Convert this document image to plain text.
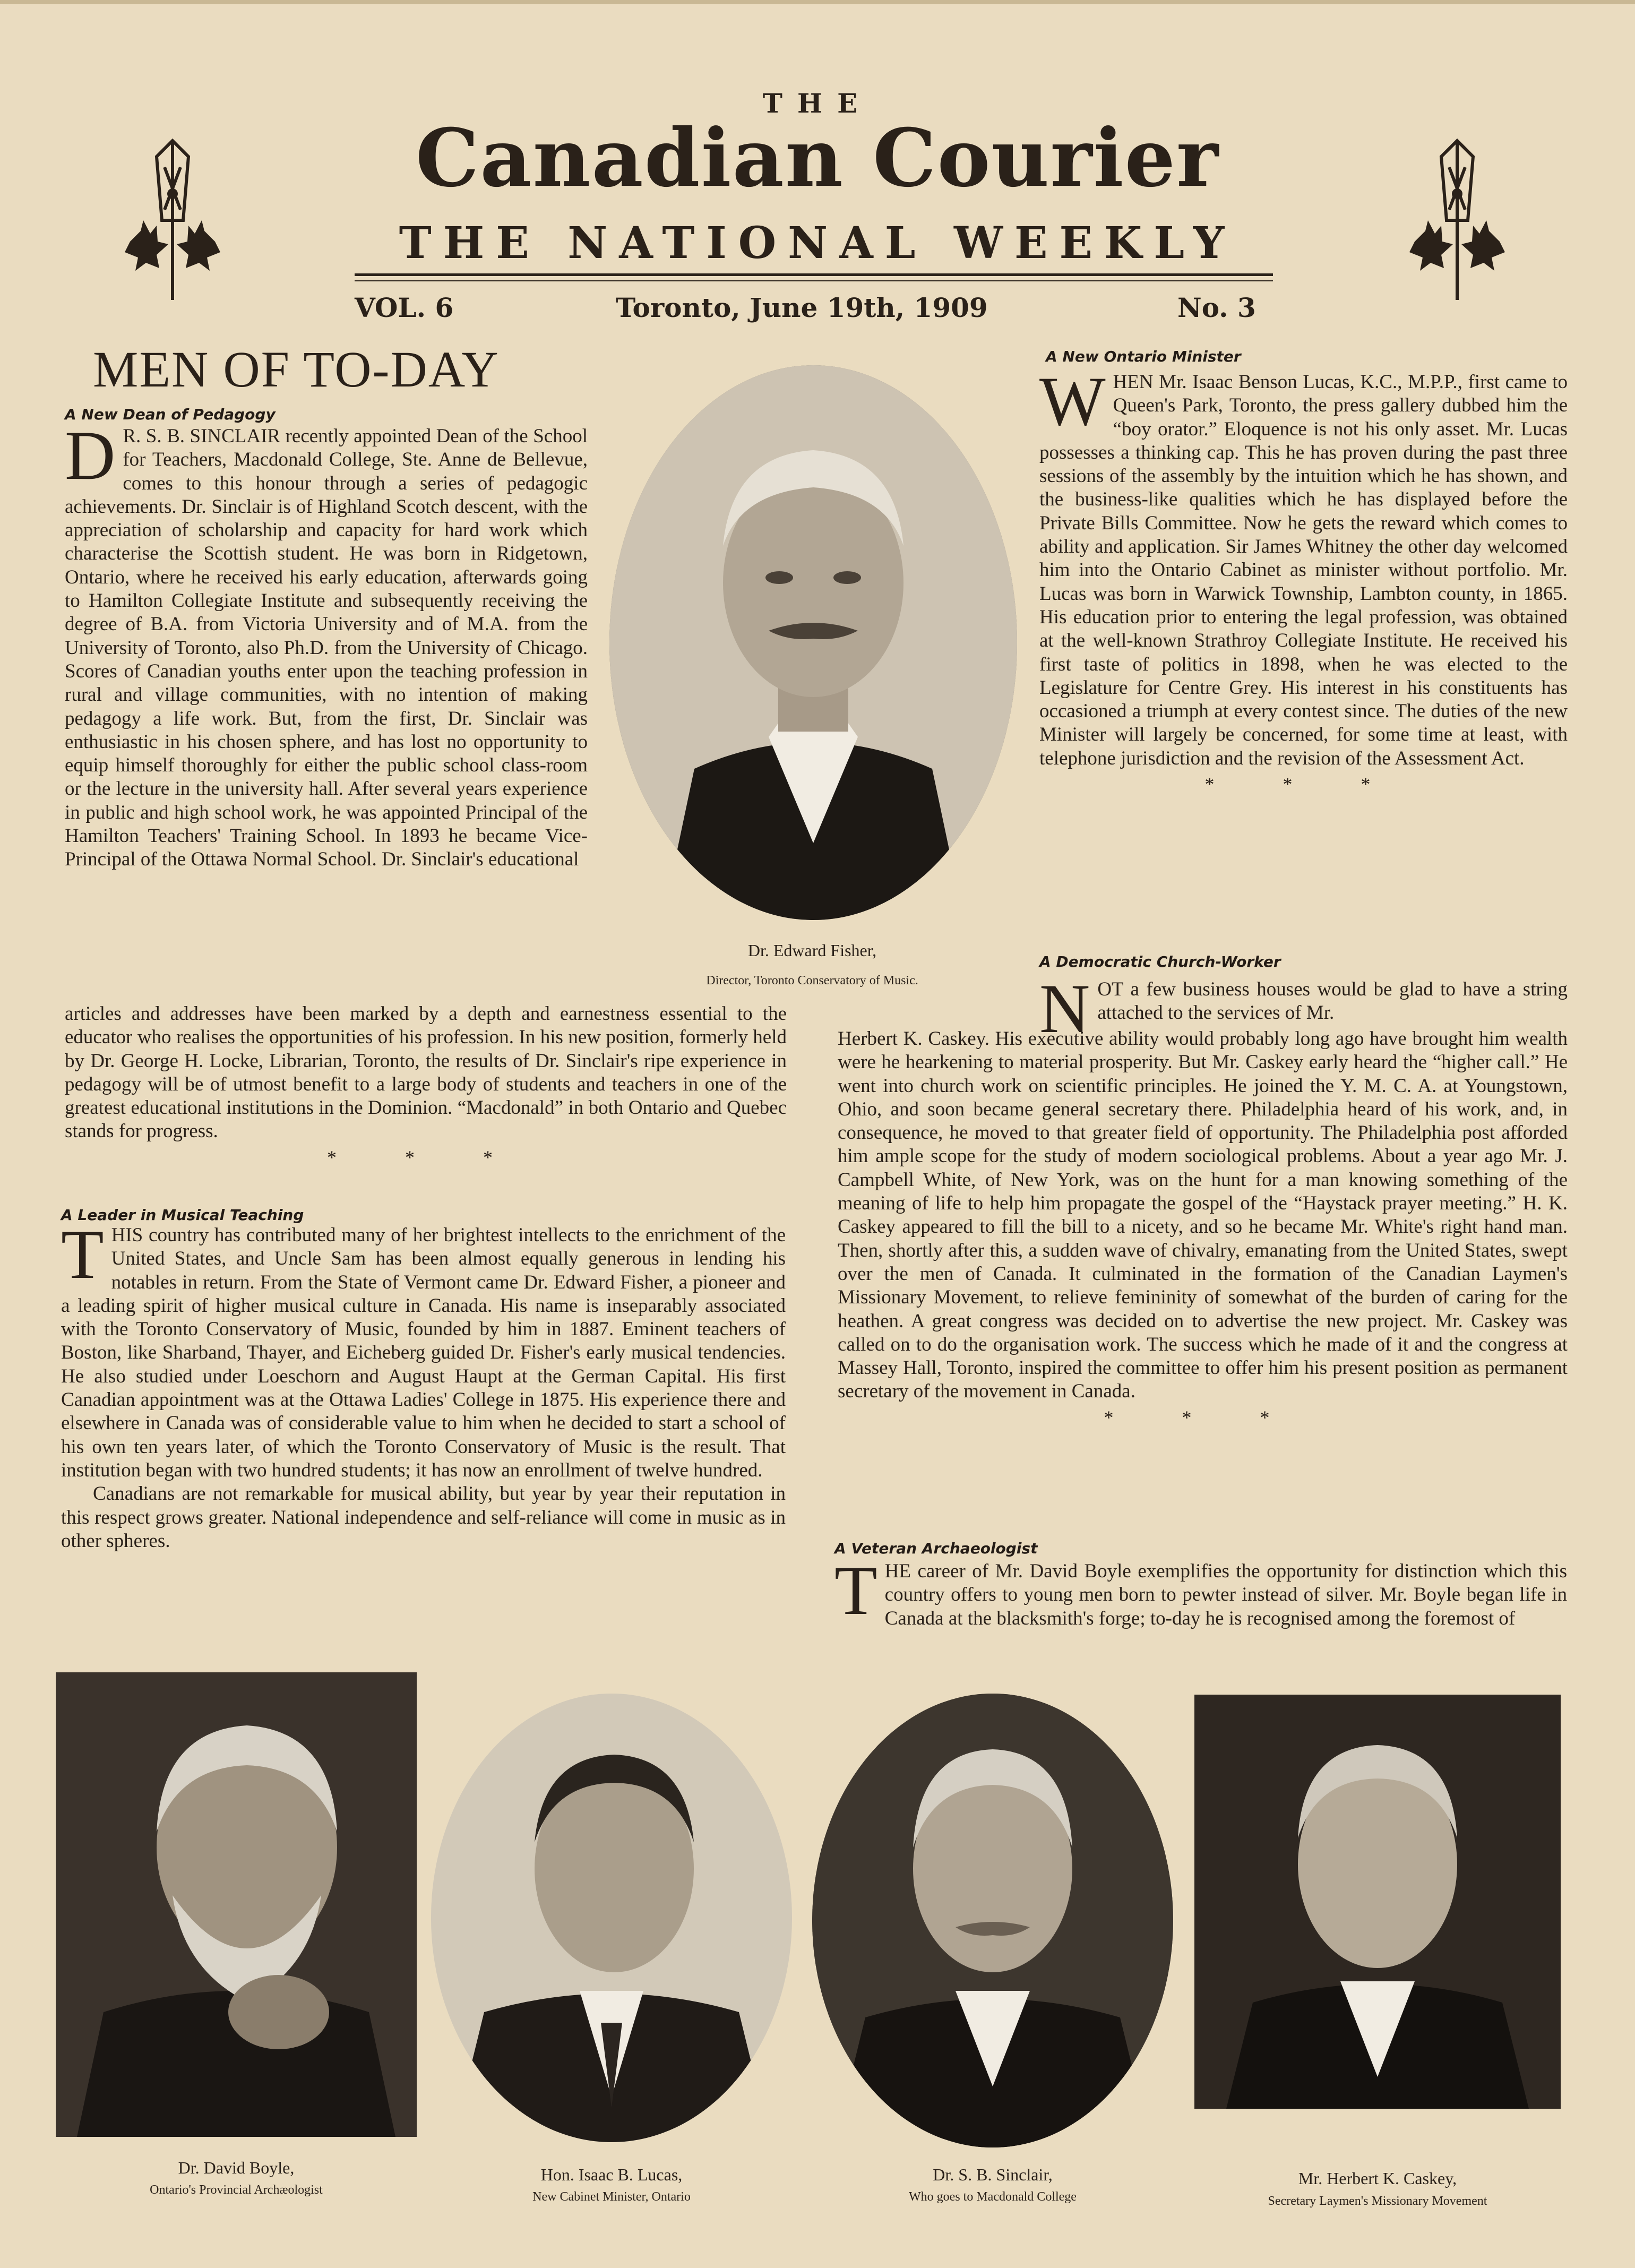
THE
Canadian Courier
THE NATIONAL WEEKLY
VOL. 6	Toronto, June 19th, 1909	No. 3
MEN OF TO-DAY
A New Dean of Pedagogy
D R. S. B. SINCLAIR recently appointed Dean of the School for Teachers, Macdonald College, Ste. Anne de Bellevue, comes to this honour through a series of pedagogic achievements. Dr. Sinclair is of Highland Scotch descent, with the appreciation of scholarship and capacity for hard work which characterise the Scottish student. He was born in Ridgetown, Ontario, where he received his early education, afterwards going to Hamilton Collegiate Institute and subsequently receiving the degree of B.A. from Victoria University and of M.A. from the University of Toronto, also Ph.D. from the University of Chicago. Scores of Canadian youths enter upon the teaching profession in rural and village communities, with no intention of making pedagogy a life work. But, from the first, Dr. Sinclair was enthusiastic in his chosen sphere, and has lost no opportunity to equip himself thoroughly for either the public school class-room or the lecture in the university hall. After several years experience in public and high school work, he was appointed Principal of the Hamilton Teachers' Training School. In 1893 he became Vice-Principal of the Ottawa Normal School. Dr. Sinclair's educational

articles and addresses have been marked by a depth and earnestness essential to the educator who realises the opportunities of his profession. In his new position, formerly held by Dr. George H. Locke, Librarian, Toronto, the results of Dr. Sinclair's ripe experience in pedagogy will be of utmost benefit to a large body of students and teachers in one of the greatest educational institutions in the Dominion. “Macdonald” in both Ontario and Quebec stands for progress.

* * *
A Leader in Musical Teaching
T HIS country has contributed many of her brightest intellects to the enrichment of the United States, and Uncle Sam has been almost equally generous in lending his notables in return. From the State of Vermont came Dr. Edward Fisher, a pioneer and a leading spirit of higher musical culture in Canada. His name is inseparably associated with the Toronto Conservatory of Music, founded by him in 1887. Eminent teachers of Boston, like Sharband, Thayer, and Eicheberg guided Dr. Fisher's early musical tendencies. He also studied under Loeschorn and August Haupt at the German Capital. His first Canadian appointment was at the Ottawa Ladies' College in 1875. His experience there and elsewhere in Canada was of considerable value to him when he decided to start a school of his own ten years later, of which the Toronto Conservatory of Music is the result. That institution began with two hundred students; it has now an enrollment of twelve hundred.

Canadians are not remarkable for musical ability, but year by year their reputation in this respect grows greater. National independence and self-reliance will come in music as in other spheres.

Dr. Edward Fisher,
Director, Toronto Conservatory of Music.
A New Ontario Minister
W HEN Mr. Isaac Benson Lucas, K.C., M.P.P., first came to Queen's Park, Toronto, the press gallery dubbed him the “boy orator.” Eloquence is not his only asset. Mr. Lucas possesses a thinking cap. This he has proven during the past three sessions of the assembly by the intuition which he has shown, and the business-like qualities which he has displayed before the Private Bills Committee. Now he gets the reward which comes to ability and application. Sir James Whitney the other day welcomed him into the Ontario Cabinet as minister without portfolio. Mr. Lucas was born in Warwick Township, Lambton county, in 1865. His education prior to entering the legal profession, was obtained at the well-known Strathroy Collegiate Institute. He received his first taste of politics in 1898, when he was elected to the Legislature for Centre Grey. His interest in his constituents has occasioned a triumph at every contest since. The duties of the new Minister will largely be concerned, for some time at least, with telephone jurisdiction and the revision of the Assessment Act.

* * *
A Democratic Church-Worker
N OT a few business houses would be glad to have a string attached to the services of Mr.

Herbert K. Caskey. His executive ability would probably long ago have brought him wealth were he hearkening to material prosperity. But Mr. Caskey early heard the “higher call.” He went into church work on scientific principles. He joined the Y. M. C. A. at Youngstown, Ohio, and soon became general secretary there. Philadelphia heard of his work, and, in consequence, he moved to that greater field of opportunity. The Philadelphia post afforded him ample scope for the study of modern sociological problems. About a year ago Mr. J. Campbell White, of New York, was on the hunt for a man knowing something of the meaning of life to help him propagate the gospel of the “Haystack prayer meeting.” H. K. Caskey appeared to fill the bill to a nicety, and so he became Mr. White's right hand man. Then, shortly after this, a sudden wave of chivalry, emanating from the United States, swept over the men of Canada. It culminated in the formation of the Canadian Laymen's Missionary Movement, to relieve femininity of somewhat of the burden of caring for the heathen. A great congress was decided on to advertise the new project. Mr. Caskey was called on to do the organisation work. The success which he made of it and the congress at Massey Hall, Toronto, inspired the committee to offer him his present position as permanent secretary of the movement in Canada.

* * *
A Veteran Archaeologist
T HE career of Mr. David Boyle exemplifies the opportunity for distinction which this country offers to young men born to pewter instead of silver. Mr. Boyle began life in Canada at the blacksmith's forge; to-day he is recognised among the foremost of

Dr. David Boyle,
Ontario's Provincial Archæologist
Hon. Isaac B. Lucas,
New Cabinet Minister, Ontario
Dr. S. B. Sinclair,
Who goes to Macdonald College
Mr. Herbert K. Caskey,
Secretary Laymen's Missionary Movement
